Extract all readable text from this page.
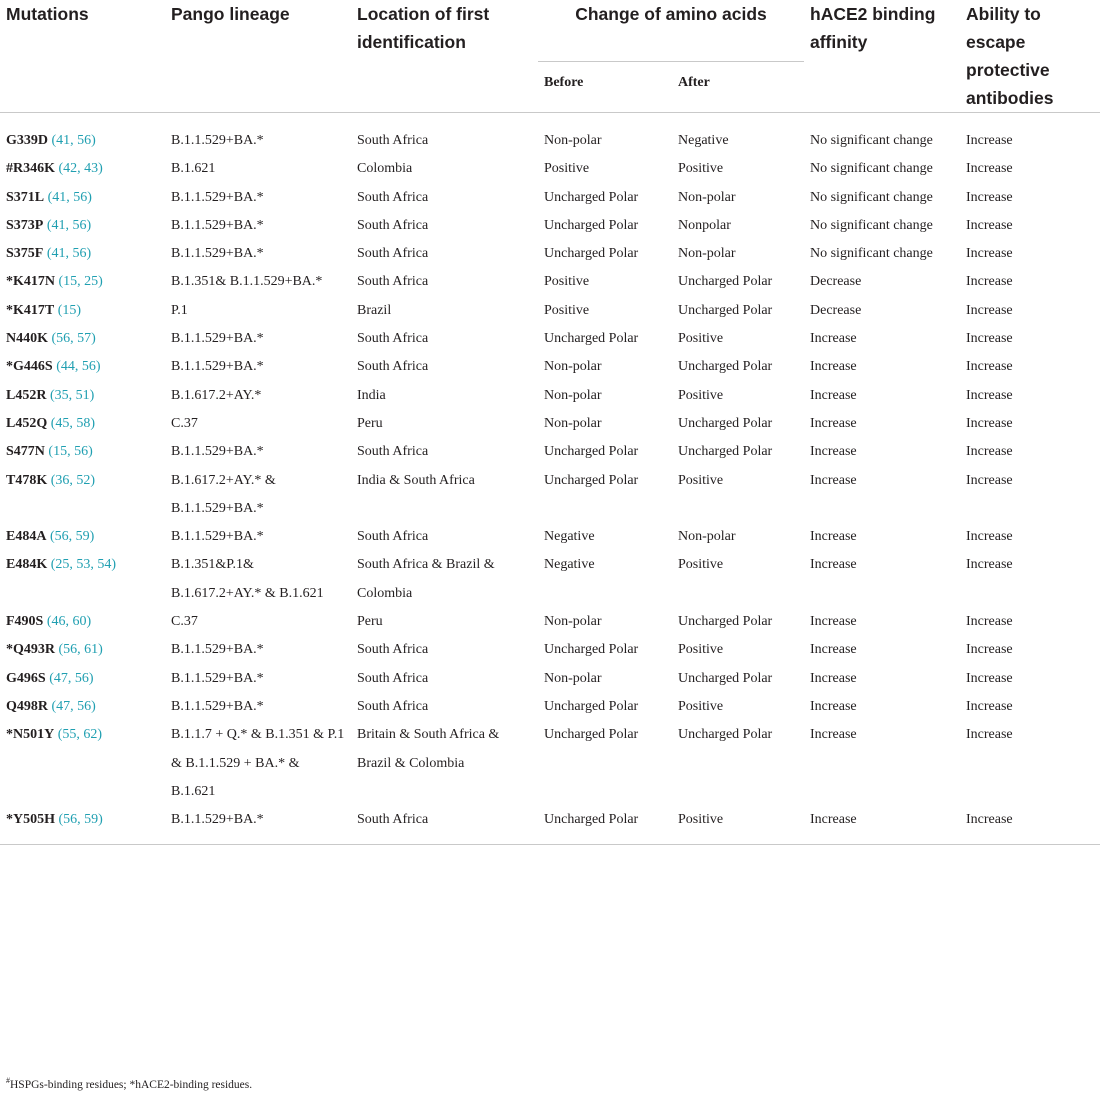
Mutations	Pango lineage	Location of first identification	Change of amino acids		hACE2 binding affinity	Ability to escape protective antibodies
			Before	After		
G339D (41, 56)	B.1.1.529+BA.*	South Africa	Non-polar	Negative	No significant change	Increase
#R346K (42, 43)	B.1.621	Colombia	Positive	Positive	No significant change	Increase
S371L (41, 56)	B.1.1.529+BA.*	South Africa	Uncharged Polar	Non-polar	No significant change	Increase
S373P (41, 56)	B.1.1.529+BA.*	South Africa	Uncharged Polar	Nonpolar	No significant change	Increase
S375F (41, 56)	B.1.1.529+BA.*	South Africa	Uncharged Polar	Non-polar	No significant change	Increase
*K417N (15, 25)	B.1.351& B.1.1.529+BA.*	South Africa	Positive	Uncharged Polar	Decrease	Increase
*K417T (15)	P.1	Brazil	Positive	Uncharged Polar	Decrease	Increase
N440K (56, 57)	B.1.1.529+BA.*	South Africa	Uncharged Polar	Positive	Increase	Increase
*G446S (44, 56)	B.1.1.529+BA.*	South Africa	Non-polar	Uncharged Polar	Increase	Increase
L452R (35, 51)	B.1.617.2+AY.*	India	Non-polar	Positive	Increase	Increase
L452Q (45, 58)	C.37	Peru	Non-polar	Uncharged Polar	Increase	Increase
S477N (15, 56)	B.1.1.529+BA.*	South Africa	Uncharged Polar	Uncharged Polar	Increase	Increase
T478K (36, 52)	B.1.617.2+AY.* & B.1.1.529+BA.*	India & South Africa	Uncharged Polar	Positive	Increase	Increase
E484A (56, 59)	B.1.1.529+BA.*	South Africa	Negative	Non-polar	Increase	Increase
E484K (25, 53, 54)	B.1.351&P.1& B.1.617.2+AY.* & B.1.621	South Africa & Brazil & Colombia	Negative	Positive	Increase	Increase
F490S (46, 60)	C.37	Peru	Non-polar	Uncharged Polar	Increase	Increase
*Q493R (56, 61)	B.1.1.529+BA.*	South Africa	Uncharged Polar	Positive	Increase	Increase
G496S (47, 56)	B.1.1.529+BA.*	South Africa	Non-polar	Uncharged Polar	Increase	Increase
Q498R (47, 56)	B.1.1.529+BA.*	South Africa	Uncharged Polar	Positive	Increase	Increase
*N501Y (55, 62)	B.1.1.7 + Q.* & B.1.351 & P.1 & B.1.1.529 + BA.* & B.1.621	Britain & South Africa & Brazil & Colombia	Uncharged Polar	Uncharged Polar	Increase	Increase
*Y505H (56, 59)	B.1.1.529+BA.*	South Africa	Uncharged Polar	Positive	Increase	Increase
#HSPGs-binding residues; *hACE2-binding residues.
